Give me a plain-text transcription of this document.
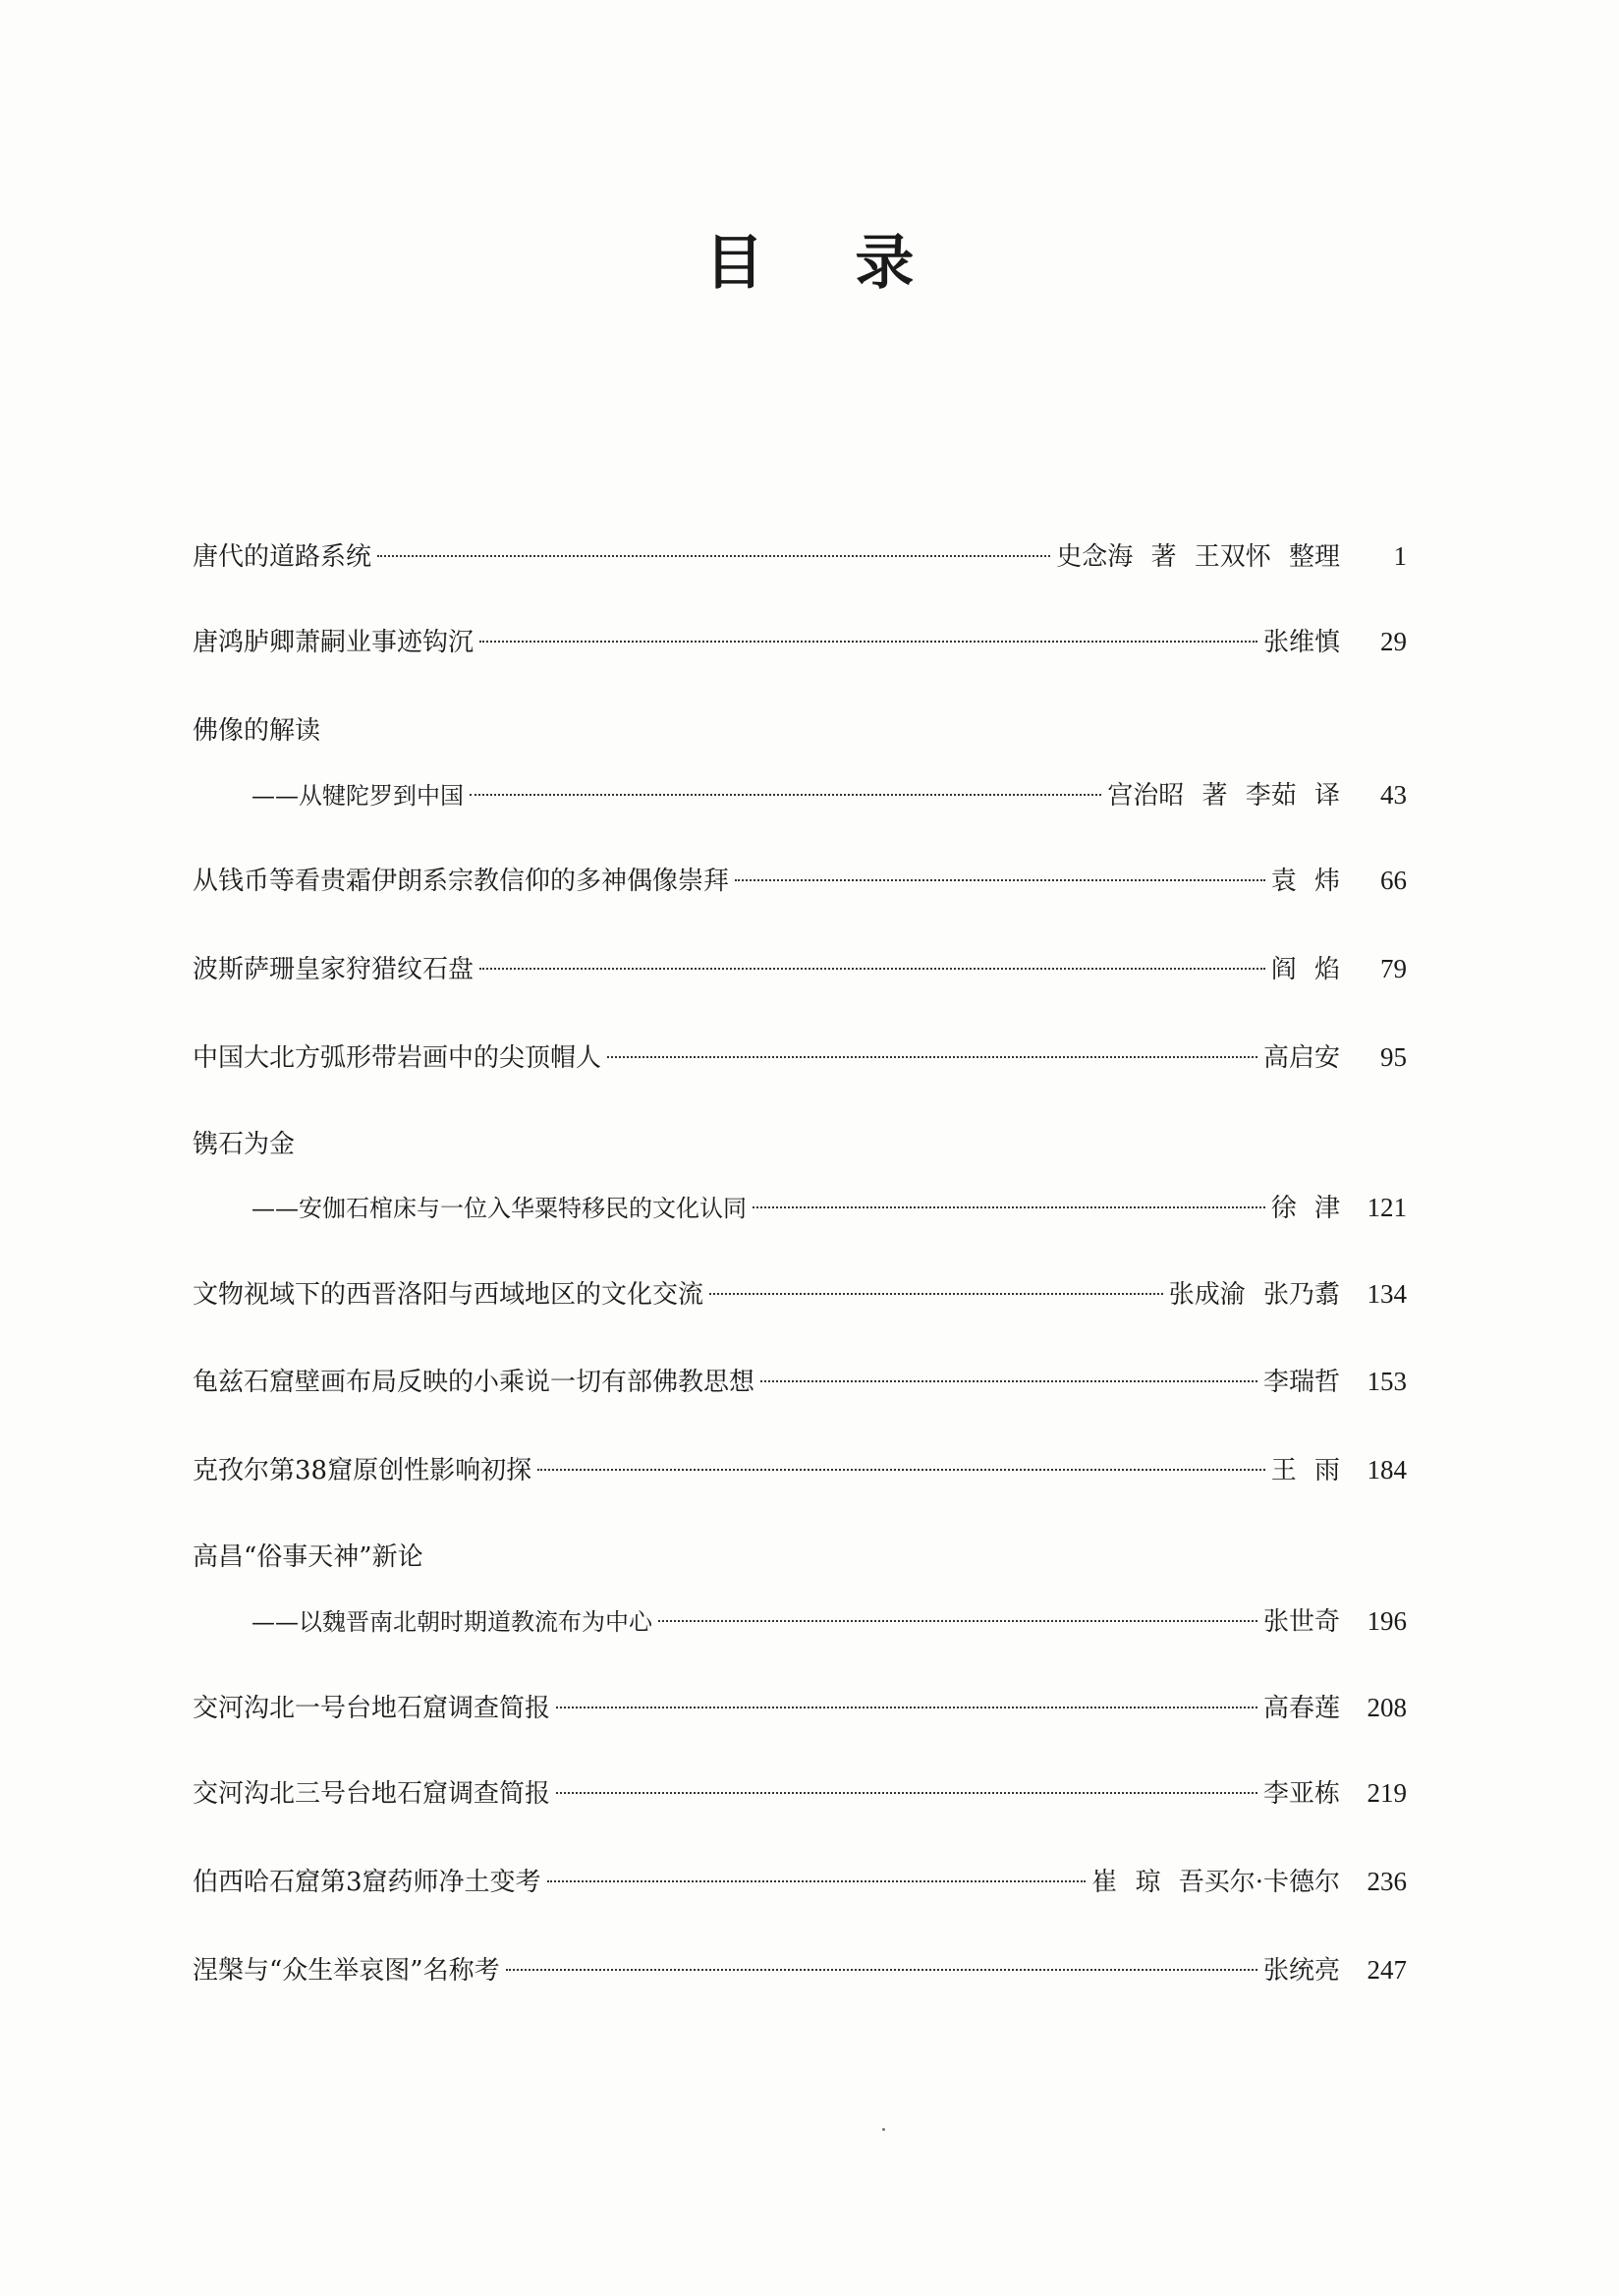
目 录
唐代的道路系统	史念海 著 王双怀 整理	1
唐鸿胪卿萧嗣业事迹钩沉	张维慎	29
佛像的解读
——从犍陀罗到中国	宫治昭 著 李茹 译	43
从钱币等看贵霜伊朗系宗教信仰的多神偶像崇拜	袁 炜	66
波斯萨珊皇家狩猎纹石盘	阎 焰	79
中国大北方弧形带岩画中的尖顶帽人	高启安	95
镌石为金
——安伽石棺床与一位入华粟特移民的文化认同	徐 津	121
文物视域下的西晋洛阳与西域地区的文化交流	张成渝 张乃翥	134
龟兹石窟壁画布局反映的小乘说一切有部佛教思想	李瑞哲	153
克孜尔第38窟原创性影响初探	王 雨	184
高昌“俗事天神”新论
——以魏晋南北朝时期道教流布为中心	张世奇	196
交河沟北一号台地石窟调查简报	高春莲	208
交河沟北三号台地石窟调查简报	李亚栋	219
伯西哈石窟第3窟药师净土变考	崔 琼 吾买尔·卡德尔	236
涅槃与“众生举哀图”名称考	张统亮	247
